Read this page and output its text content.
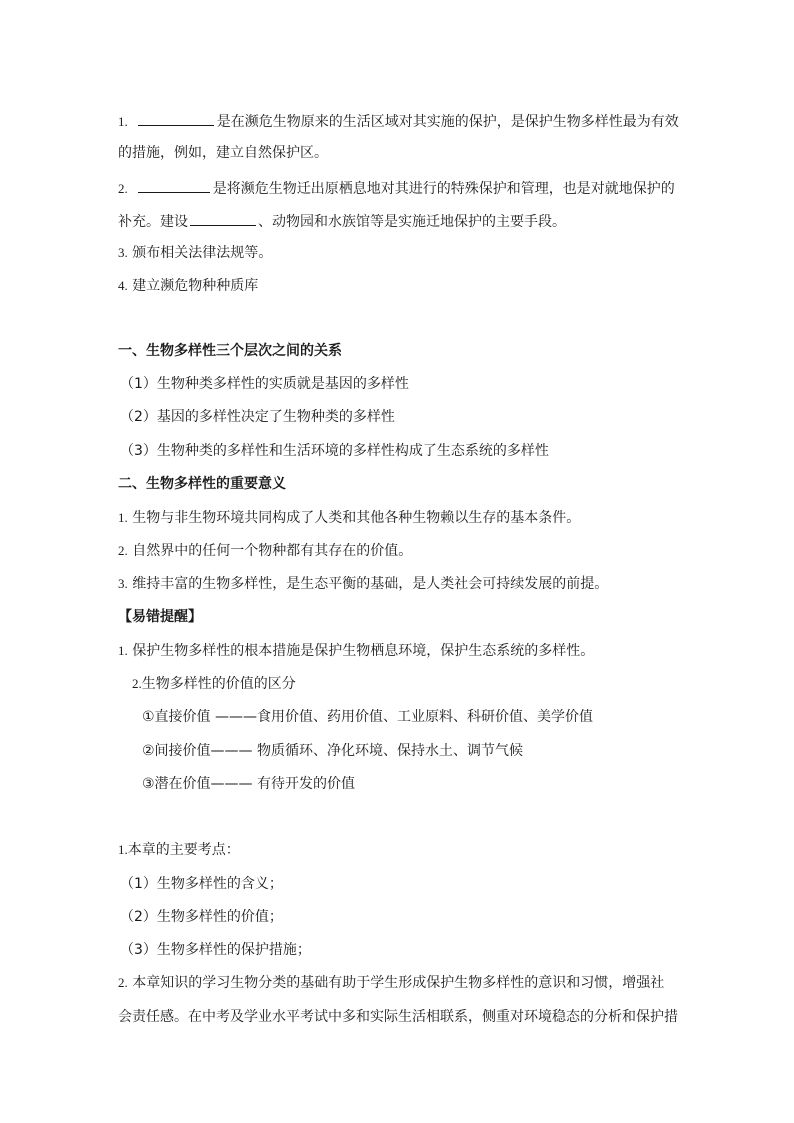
1.	是在濒危生物原来的生活区域对其实施的保护，是保护生物多样性最为有效
的措施，例如，建立自然保护区。
2.	是将濒危生物迁出原栖息地对其进行的特殊保护和管理，也是对就地保护的
补充。建设	、动物园和水族馆等是实施迁地保护的主要手段。
3. 颁布相关法律法规等。
4. 建立濒危物种种质库
一、生物多样性三个层次之间的关系
（1）生物种类多样性的实质就是基因的多样性
（2）基因的多样性决定了生物种类的多样性
（3）生物种类的多样性和生活环境的多样性构成了生态系统的多样性
二、生物多样性的重要意义
1. 生物与非生物环境共同构成了人类和其他各种生物赖以生存的基本条件。
2. 自然界中的任何一个物种都有其存在的价值。
3. 维持丰富的生物多样性，是生态平衡的基础，是人类社会可持续发展的前提。
【易错提醒】
1. 保护生物多样性的根本措施是保护生物栖息环境，保护生态系统的多样性。
2.生物多样性的价值的区分
①直接价值 ———食用价值、药用价值、工业原料、科研价值、美学价值
②间接价值——— 物质循环、净化环境、保持水土、调节气候
③潜在价值——— 有待开发的价值
1.本章的主要考点：
（1）生物多样性的含义；
（2）生物多样性的价值；
（3）生物多样性的保护措施；
2. 本章知识的学习生物分类的基础有助于学生形成保护生物多样性的意识和习惯，增强社
会责任感。在中考及学业水平考试中多和实际生活相联系，侧重对环境稳态的分析和保护措
